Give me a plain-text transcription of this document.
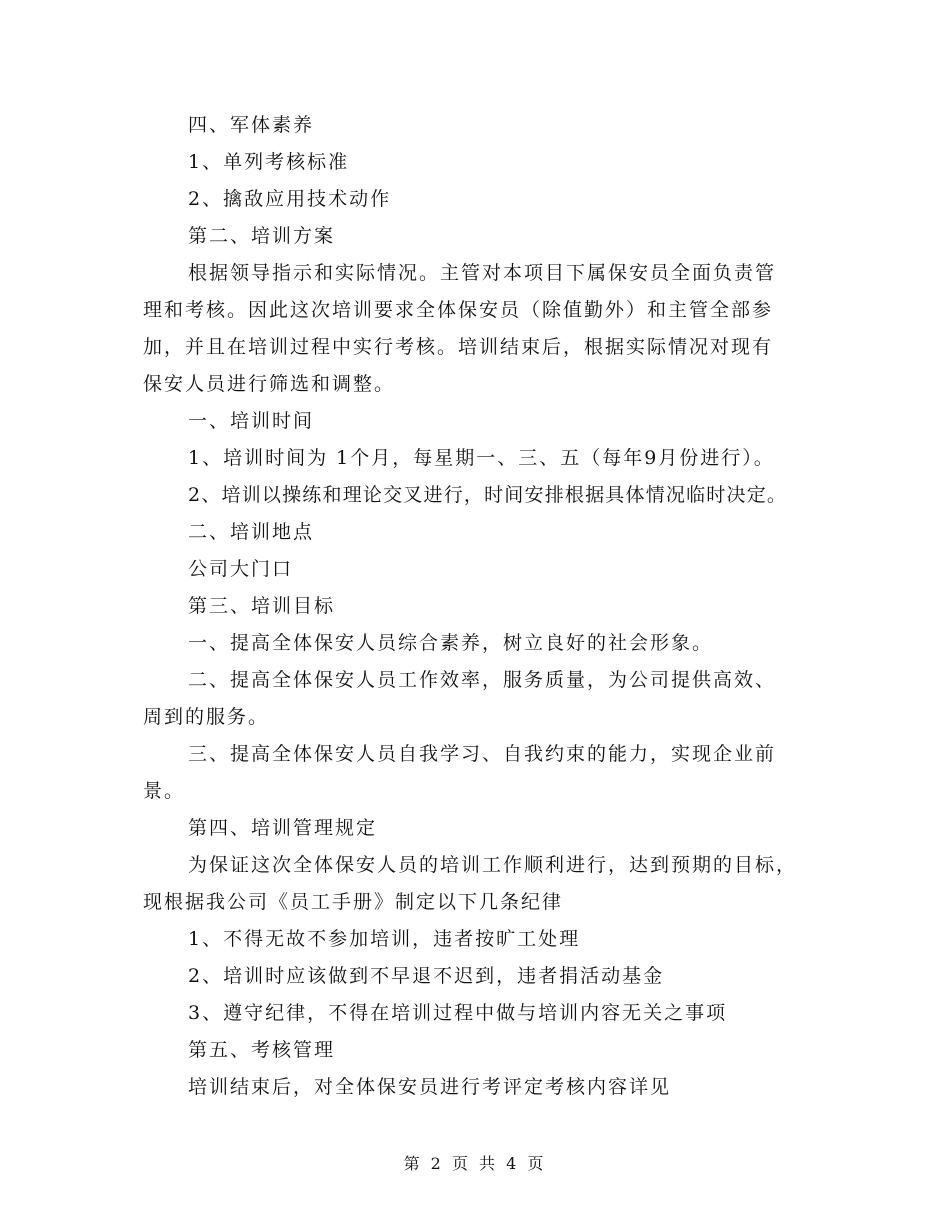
四、军体素养
1、单列考核标准
2、擒敌应用技术动作
第二、培训方案
根据领导指示和实际情况。主管对本项目下属保安员全面负责管
理和考核。因此这次培训要求全体保安员（除值勤外）和主管全部参
加，并且在培训过程中实行考核。培训结束后，根据实际情况对现有
保安人员进行筛选和调整。
一、培训时间
1、培训时间为 1个月，每星期一、三、五（每年9月份进行）。
2、培训以操练和理论交叉进行，时间安排根据具体情况临时决定。
二、培训地点
公司大门口
第三、培训目标
一、提高全体保安人员综合素养，树立良好的社会形象。
二、提高全体保安人员工作效率，服务质量，为公司提供高效、
周到的服务。
三、提高全体保安人员自我学习、自我约束的能力，实现企业前
景。
第四、培训管理规定
为保证这次全体保安人员的培训工作顺利进行，达到预期的目标，
现根据我公司《员工手册》制定以下几条纪律
1、不得无故不参加培训，违者按旷工处理
2、培训时应该做到不早退不迟到，违者捐活动基金
3、遵守纪律，不得在培训过程中做与培训内容无关之事项
第五、考核管理
培训结束后，对全体保安员进行考评定考核内容详见
第 2 页 共 4 页
